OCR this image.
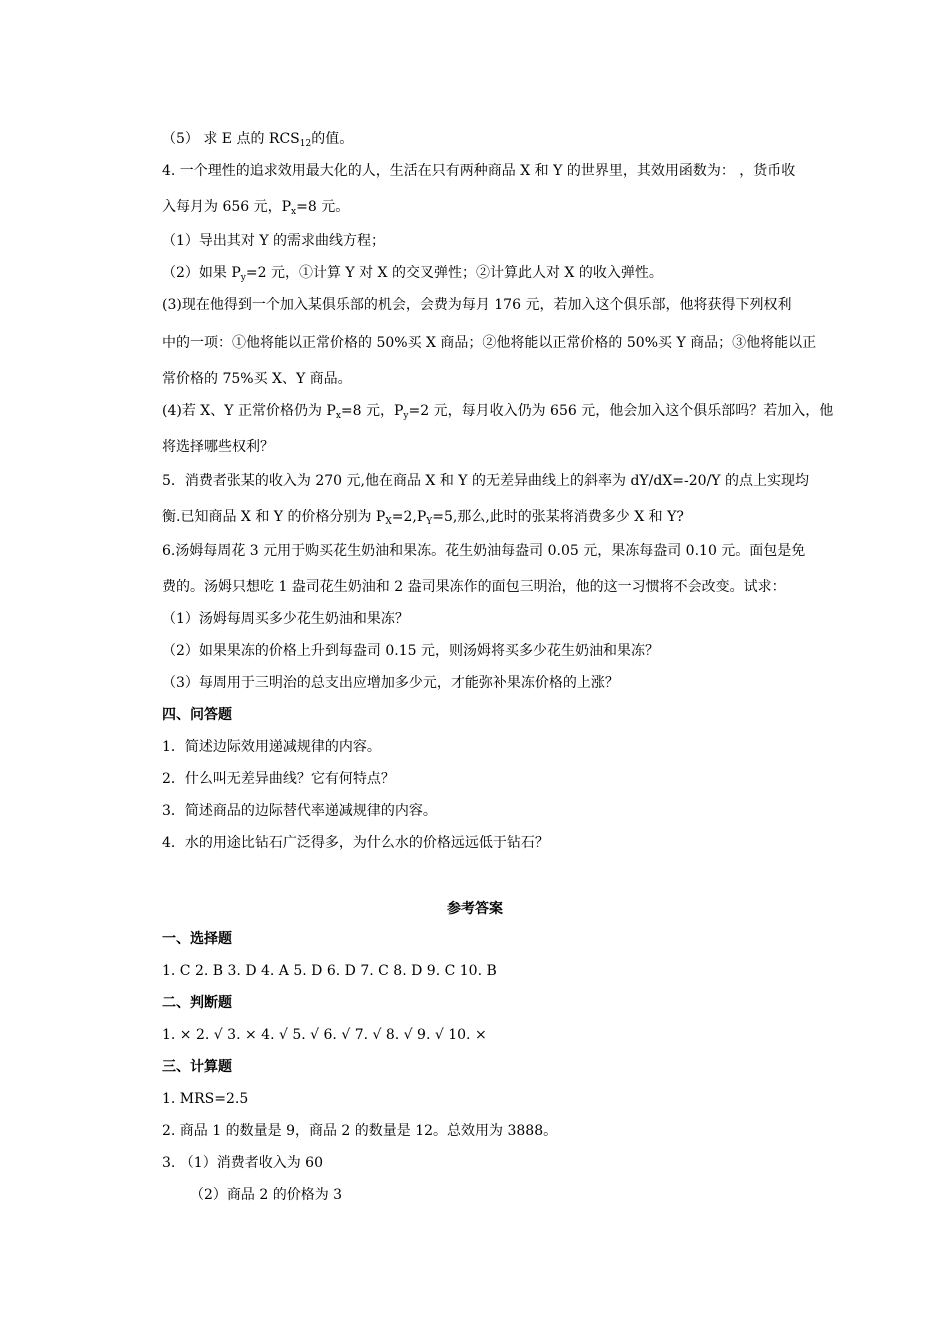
（5） 求 E 点的 $RCS_{12}$的值。
4. 一个理性的追求效用最大化的人，生活在只有两种商品 X 和 Y 的世界里，其效用函数为： ，货币收
入每月为 656 元，$P_x=8$ 元。
（1）导出其对 Y 的需求曲线方程；
（2）如果 $P_y=2$ 元，①计算 Y 对 X 的交叉弹性；②计算此人对 X 的收入弹性。
(3)现在他得到一个加入某俱乐部的机会，会费为每月 176 元，若加入这个俱乐部，他将获得下列权利
中的一项：①他将能以正常价格的 50%买 X 商品；②他将能以正常价格的 50%买 Y 商品；③他将能以正
常价格的 75%买 X、Y 商品。
(4)若 X、Y 正常价格仍为 $P_x=8$ 元，$P_y=2$ 元，每月收入仍为 656 元，他会加入这个俱乐部吗？若加入，他
将选择哪些权利？
5．消费者张某的收入为 270 元,他在商品 X 和 Y 的无差异曲线上的斜率为 dY/dX=-20/Y 的点上实现均
衡.已知商品 X 和 Y 的价格分别为 $P_X=2,P_Y=5$,那么,此时的张某将消费多少 X 和 Y?
6.汤姆每周花 3 元用于购买花生奶油和果冻。花生奶油每盎司 0.05 元，果冻每盎司 0.10 元。面包是免
费的。汤姆只想吃 1 盎司花生奶油和 2 盎司果冻作的面包三明治，他的这一习惯将不会改变。试求：
（1）汤姆每周买多少花生奶油和果冻？
（2）如果果冻的价格上升到每盎司 0.15 元，则汤姆将买多少花生奶油和果冻？
（3）每周用于三明治的总支出应增加多少元，才能弥补果冻价格的上涨？
四、问答题
1．简述边际效用递减规律的内容。
2．什么叫无差异曲线？它有何特点？
3．简述商品的边际替代率递减规律的内容。
4．水的用途比钻石广泛得多，为什么水的价格远远低于钻石？
参考答案
一、选择题
1. C 2. B 3. D 4. A 5. D 6. D 7. C 8. D 9. C 10. B
二、判断题
1. × 2. √ 3. × 4. √ 5. √ 6. √ 7. √ 8. √ 9. √ 10. ×
三、计算题
1. MRS=2.5
2. 商品 1 的数量是 9，商品 2 的数量是 12。总效用为 3888。
3. （1）消费者收入为 60
（2）商品 2 的价格为 3
